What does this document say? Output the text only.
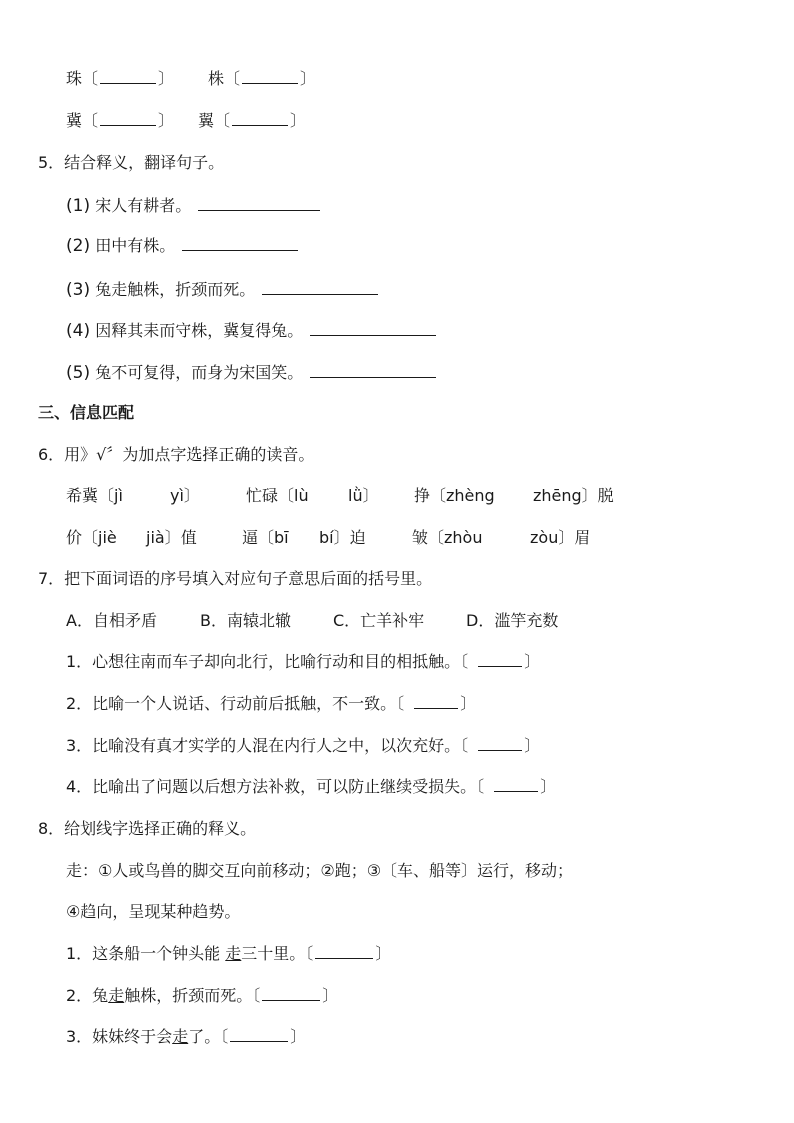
珠〔	〕 株〔	〕
冀〔	〕 翼〔	〕
5．结合释义，翻译句子。
(1) 宋人有耕者。
(2) 田中有株。
(3) 兔走触株，折颈而死。
(4) 因释其耒而守株，冀复得兔。
(5) 兔不可复得，而身为宋国笑。
三、信息匹配
6．用》√〞为加点字选择正确的读音。
希冀〔jì	yì〕	忙碌〔lù lǜ〕 挣〔zhèng zhēng〕脱
价〔jiè jià〕值	逼〔bī bí〕迫	皱〔zhòu	zòu〕眉
7．把下面词语的序号填入对应句子意思后面的括号里。
A．自相矛盾	B．南辕北辙	C．亡羊补牢	D．滥竽充数
1．心想往南而车子却向北行，比喻行动和目的相抵触。〔	〕
2．比喻一个人说话、行动前后抵触，不一致。〔	〕
3．比喻没有真才实学的人混在内行人之中，以次充好。〔	〕
4．比喻出了问题以后想方法补救，可以防止继续受损失。〔	〕
8．给划线字选择正确的释义。
走：①人或鸟兽的脚交互向前移动；②跑；③〔车、船等〕运行，移动；
④趋向，呈现某种趋势。
1．这条船一个钟头能 走三十里。〔	〕
2．兔走触株，折颈而死。〔	〕
3．妹妹终于会走了。〔	〕
